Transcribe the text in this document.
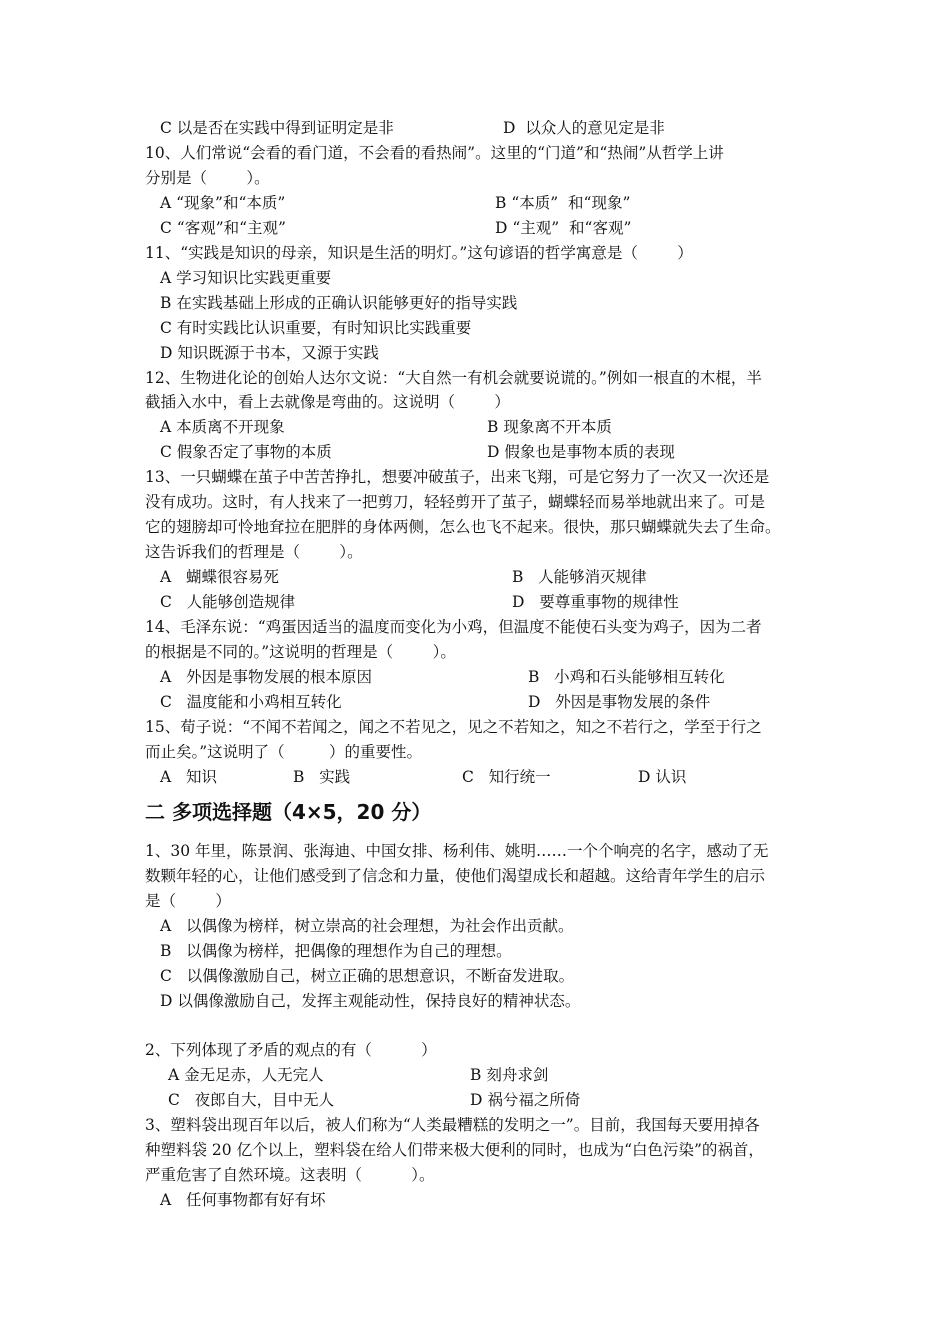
C 以是否在实践中得到证明定是非	D  以众人的意见定是非
10、人们常说“会看的看门道，不会看的看热闹”。这里的“门道”和“热闹”从哲学上讲
分别是（        ）。
A “现象”和“本质”	B “本质”  和“现象”
C “客观”和“主观”	D “主观”  和“客观”
11、“实践是知识的母亲，知识是生活的明灯。”这句谚语的哲学寓意是（        ）
A 学习知识比实践更重要
B 在实践基础上形成的正确认识能够更好的指导实践
C 有时实践比认识重要，有时知识比实践重要
D 知识既源于书本，又源于实践
12、生物进化论的创始人达尔文说：“大自然一有机会就要说谎的。”例如一根直的木棍，半
截插入水中，看上去就像是弯曲的。这说明（        ）
A 本质离不开现象	B 现象离不开本质
C 假象否定了事物的本质	D 假象也是事物本质的表现
13、一只蝴蝶在茧子中苦苦挣扎，想要冲破茧子，出来飞翔，可是它努力了一次又一次还是
没有成功。这时，有人找来了一把剪刀，轻轻剪开了茧子，蝴蝶轻而易举地就出来了。可是
它的翅膀却可怜地耷拉在肥胖的身体两侧，怎么也飞不起来。很快，那只蝴蝶就失去了生命。
这告诉我们的哲理是（        ）。
A   蝴蝶很容易死	B   人能够消灭规律
C   人能够创造规律	D   要尊重事物的规律性
14、毛泽东说：“鸡蛋因适当的温度而变化为小鸡，但温度不能使石头变为鸡子，因为二者
的根据是不同的。”这说明的哲理是（        ）。
A   外因是事物发展的根本原因	B   小鸡和石头能够相互转化
C   温度能和小鸡相互转化	D   外因是事物发展的条件
15、荀子说：“不闻不若闻之，闻之不若见之，见之不若知之，知之不若行之，学至于行之
而止矣。”这说明了（         ）的重要性。
A   知识	B   实践	C   知行统一	D 认识
二 多项选择题（4×5，20 分）
1、30 年里，陈景润、张海迪、中国女排、杨利伟、姚明……一个个响亮的名字，感动了无
数颗年轻的心，让他们感受到了信念和力量，使他们渴望成长和超越。这给青年学生的启示
是（        ）
A   以偶像为榜样，树立崇高的社会理想，为社会作出贡献。
B   以偶像为榜样，把偶像的理想作为自己的理想。
C   以偶像激励自己，树立正确的思想意识，不断奋发进取。
D 以偶像激励自己，发挥主观能动性，保持良好的精神状态。
2、下列体现了矛盾的观点的有（          ）
A 金无足赤，人无完人	B 刻舟求剑
C   夜郎自大，目中无人	D 祸兮福之所倚
3、塑料袋出现百年以后，被人们称为“人类最糟糕的发明之一”。目前，我国每天要用掉各
种塑料袋 20 亿个以上，塑料袋在给人们带来极大便利的同时，也成为“白色污染”的祸首，
严重危害了自然环境。这表明（          ）。
A   任何事物都有好有坏
